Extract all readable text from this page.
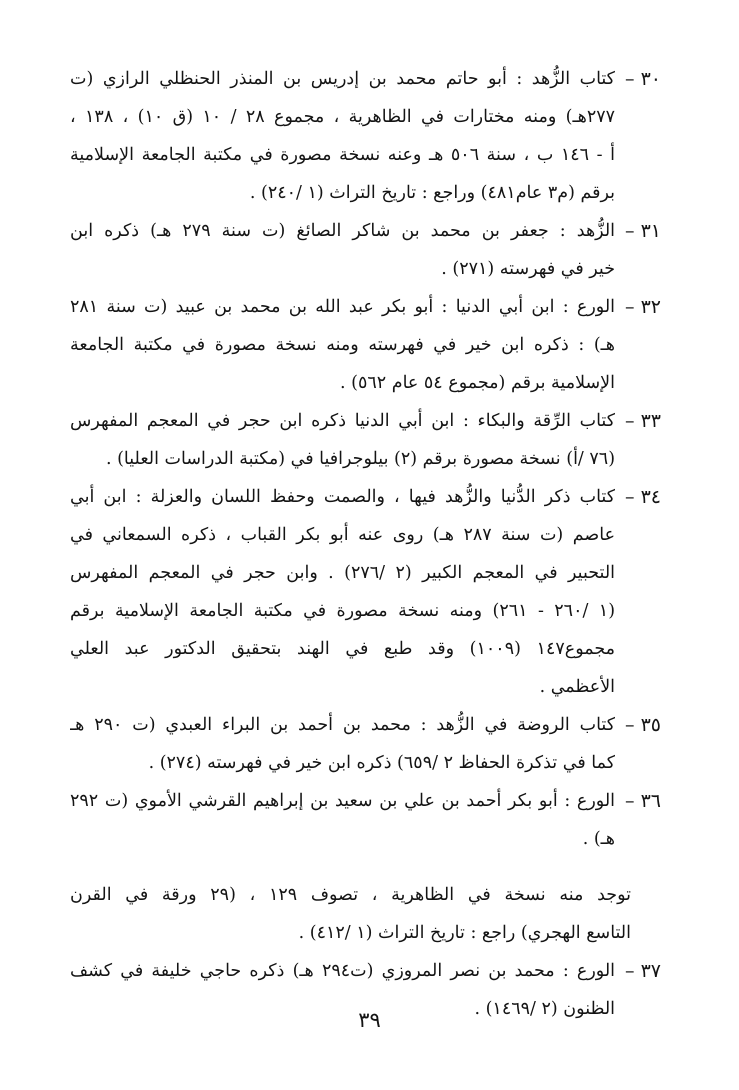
٣٠ –
كتاب الزُّهد : أبو حاتم محمد بن إدريس بن المنذر الحنظلي الرازي (ت
٢٧٧هـ) ومنه مختارات في الظاهرية ، مجموع ٢٨ / ١٠ (ق ١٠) ، ١٣٨ ،
أ - ١٤٦ ب ، سنة ٥٠٦ هـ وعنه نسخة مصورة في مكتبة الجامعة الإسلامية
برقم (م٣ عام٤٨١) وراجع : تاريخ التراث (١ /٢٤٠) .
٣١ –
الزُّهد : جعفر بن محمد بن شاكر الصائغ (ت سنة ٢٧٩ هـ) ذكره ابن
خير في فهرسته (٢٧١) .
٣٢ –
الورع : ابن أبي الدنيا : أبو بكر عبد الله بن محمد بن عبيد (ت سنة ٢٨١
هـ) : ذكره ابن خير في فهرسته ومنه نسخة مصورة في مكتبة الجامعة
الإسلامية برقم (مجموع ٥٤ عام ٥٦٢) .
٣٣ –
كتاب الرِّقة والبكاء : ابن أبي الدنيا ذكره ابن حجر في المعجم المفهرس
(٧٦ /أ) نسخة مصورة برقم (٢) بيلوجرافيا في (مكتبة الدراسات العليا) .
٣٤ –
كتاب ذكر الدُّنيا والزُّهد فيها ، والصمت وحفظ اللسان والعزلة : ابن أبي
عاصم (ت سنة ٢٨٧ هـ) روى عنه أبو بكر القباب ، ذكره السمعاني في
التحبير في المعجم الكبير (٢ /٢٧٦) . وابن حجر في المعجم المفهرس
(١ /٢٦٠ - ٢٦١) ومنه نسخة مصورة في مكتبة الجامعة الإسلامية برقم
مجموع١٤٧ (١٠٠٩) وقد طبع في الهند بتحقيق الدكتور عبد العلي
الأعظمي .
٣٥ –
كتاب الروضة في الزُّهد : محمد بن أحمد بن البراء العبدي (ت ٢٩٠ هـ
كما في تذكرة الحفاظ ٢ /٦٥٩) ذكره ابن خير في فهرسته (٢٧٤) .
٣٦ –
الورع : أبو بكر أحمد بن علي بن سعيد بن إبراهيم القرشي الأموي (ت ٢٩٢
هـ) .
توجد منه نسخة في الظاهرية ، تصوف ١٢٩ ، (٢٩ ورقة في القرن
التاسع الهجري) راجع : تاريخ التراث (١ /٤١٢) .
٣٧ –
الورع : محمد بن نصر المروزي (ت٢٩٤ هـ) ذكره حاجي خليفة في كشف
الظنون (٢ /١٤٦٩) .
٣٩
